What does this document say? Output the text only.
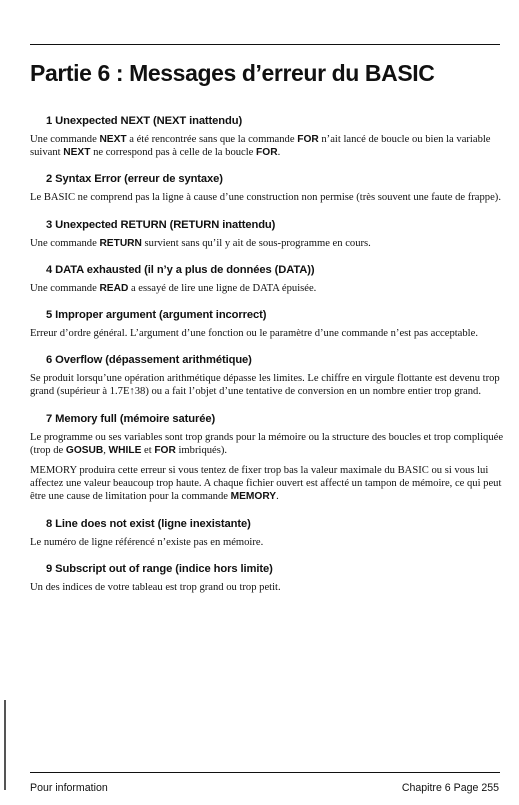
Partie 6 : Messages d’erreur du BASIC
1 Unexpected NEXT (NEXT inattendu)

Une commande NEXT a été rencontrée sans que la commande FOR n’ait lancé de boucle ou bien la variable suivant NEXT ne correspond pas à celle de la boucle FOR.

2 Syntax Error (erreur de syntaxe)

Le BASIC ne comprend pas la ligne à cause d’une construction non permise (très souvent une faute de frappe).

3 Unexpected RETURN (RETURN inattendu)

Une commande RETURN survient sans qu’il y ait de sous-programme en cours.

4 DATA exhausted (il n’y a plus de données (DATA))

Une commande READ a essayé de lire une ligne de DATA épuisée.

5 Improper argument (argument incorrect)

Erreur d’ordre général. L’argument d’une fonction ou le paramètre d’une commande n’est pas acceptable.

6 Overflow (dépassement arithmétique)

Se produit lorsqu’une opération arithmétique dépasse les limites. Le chiffre en virgule flottante est devenu trop grand (supérieur à 1.7E↑38) ou a fait l’objet d’une tentative de conversion en un nombre entier trop grand.

7 Memory full (mémoire saturée)

Le programme ou ses variables sont trop grands pour la mémoire ou la structure des boucles et trop compliquée (trop de GOSUB, WHILE et FOR imbriqués).

MEMORY produira cette erreur si vous tentez de fixer trop bas la valeur maximale du BASIC ou si vous lui affectez une valeur beaucoup trop haute. A chaque fichier ouvert est affecté un tampon de mémoire, ce qui peut être une cause de limitation pour la commande MEMORY.

8 Line does not exist (ligne inexistante)

Le numéro de ligne référencé n’existe pas en mémoire.

9 Subscript out of range (indice hors limite)

Un des indices de votre tableau est trop grand ou trop petit.

Pour information	Chapitre 6 Page 255
